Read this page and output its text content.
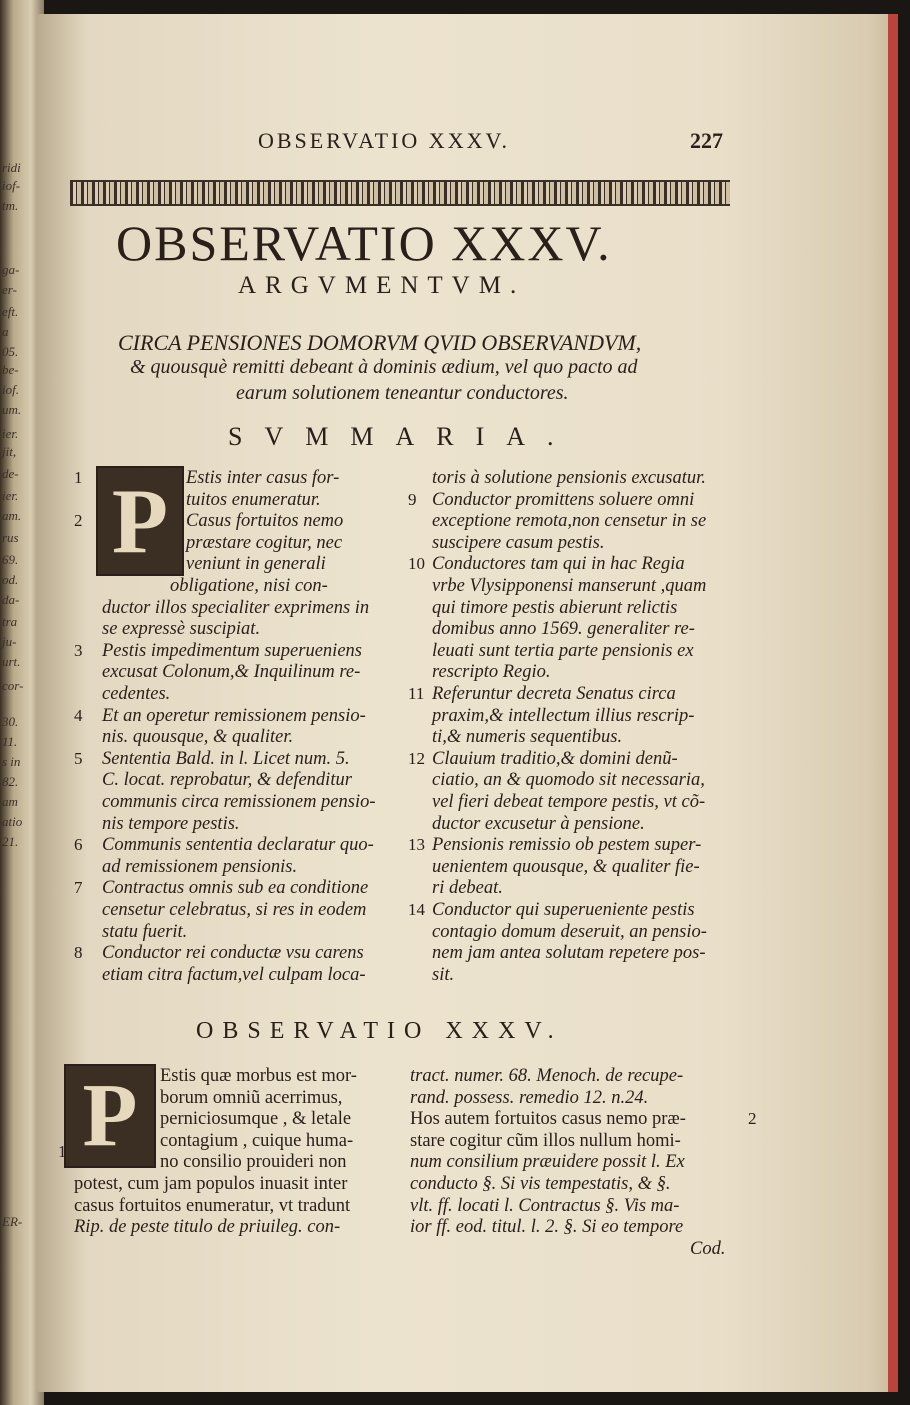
ridi
iof-
tm.
ga-
er-
eft.
a
05.
be-
iof.
um.
ier.
jit,
de-
ier.
am.
rus
69.
od.
da-
tra
ju-
urt.
cor-
30.
11.
s in
82.
am
atio
21.
ER-
OBSERVATIO XXXV.	227
OBSERVATIO XXXV.
ARGVMENTVM.
CIRCA PENSIONES DOMORVM QVID OBSERVANDVM,
& quousquè remitti debeant à dominis ædium, vel quo pacto ad
earum solutionem teneantur conductores.
SVMMARIA.
P Estis inter casus for-
tuitos enumeratur.
Casus fortuitos nemo
præstare cogitur, nec
veniunt in generali
obligatione, nisi con-
ductor illos specialiter exprimens in
se expressè suscipiat.
Pestis impedimentum superueniens
excusat Colonum,& Inquilinum re-
cedentes.
Et an operetur remissionem pensio-
nis. quousque, & qualiter.
Sententia Bald. in l. Licet num. 5.
C. locat. reprobatur, & defenditur
communis circa remissionem pensio-
nis tempore pestis.
Communis sententia declaratur quo-
ad remissionem pensionis.
Contractus omnis sub ea conditione
censetur celebratus, si res in eodem
statu fuerit.
Conductor rei conductæ vsu carens
etiam citra factum,vel culpam loca-
1
2
3
4
5
6
7
8
toris à solutione pensionis excusatur.
Conductor promittens soluere omni
exceptione remota,non censetur in se
suscipere casum pestis.
Conductores tam qui in hac Regia
vrbe Vlysipponensi manserunt ,quam
qui timore pestis abierunt relictis
domibus anno 1569. generaliter re-
leuati sunt tertia parte pensionis ex
rescripto Regio.
Referuntur decreta Senatus circa
praxim,& intellectum illius rescrip-
ti,& numeris sequentibus.
Clauium traditio,& domini denũ-
ciatio, an & quomodo sit necessaria,
vel fieri debeat tempore pestis, vt cõ-
ductor excusetur à pensione.
Pensionis remissio ob pestem super-
uenientem quousque, & qualiter fie-
ri debeat.
Conductor qui superueniente pestis
contagio domum deseruit, an pensio-
nem jam antea solutam repetere pos-
sit.
9
10
11
12
13
14
OBSERVATIO XXXV.
P	Estis quæ morbus est mor-
borum omniũ acerrimus,
perniciosumque , & letale
contagium , cuique huma-
no consilio prouideri non
potest, cum jam populos inuasit inter
casus fortuitos enumeratur, vt tradunt
Rip. de peste titulo de priuileg. con-
tract. numer. 68. Menoch. de recupe-
rand. possess. remedio 12. n.24.
Hos autem fortuitos casus nemo præ-
stare cogitur cũm illos nullum homi-
num consilium præuidere possit l. Ex
conducto §. Si vis tempestatis, & §.
vlt. ff. locati l. Contractus §. Vis ma-
ior ff. eod. titul. l. 2. §. Si eo tempore
Cod.
1
2
